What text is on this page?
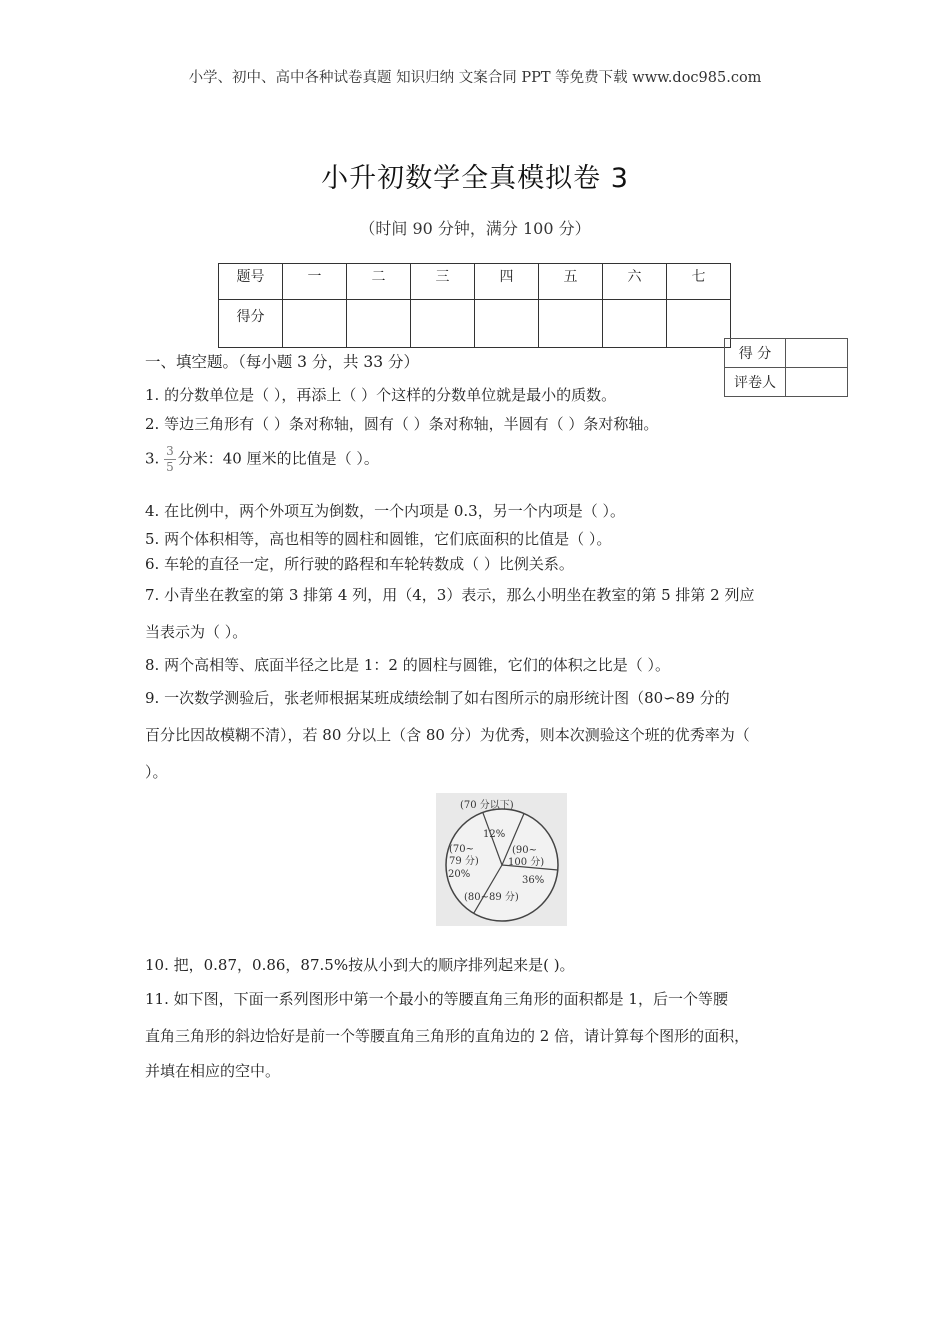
小学、初中、高中各种试卷真题 知识归纳 文案合同 PPT 等免费下载 www.doc985.com
小升初数学全真模拟卷 3
（时间 90 分钟，满分 100 分）
题号	一	二	三	四	五	六	七
得分							
得 分	
评卷人	
一、填空题。（每小题 3 分，共 33 分）
1. 的分数单位是（ ），再添上（ ）个这样的分数单位就是最小的质数。
2. 等边三角形有（ ）条对称轴，圆有（ ）条对称轴，半圆有（ ）条对称轴。
3. $\frac{3}{5}$ 分米：40 厘米的比值是（ ）。
4. 在比例中，两个外项互为倒数，一个内项是 0.3，另一个内项是（ ）。
5. 两个体积相等，高也相等的圆柱和圆锥，它们底面积的比值是（ ）。
6. 车轮的直径一定，所行驶的路程和车轮转数成（ ）比例关系。
7. 小青坐在教室的第 3 排第 4 列，用（4，3）表示，那么小明坐在教室的第 5 排第 2 列应
当表示为（ ）。
8. 两个高相等、底面半径之比是 1：2 的圆柱与圆锥，它们的体积之比是（ ）。
9. 一次数学测验后，张老师根据某班成绩绘制了如右图所示的扇形统计图（80∽89 分的
百分比因故模糊不清），若 80 分以上（含 80 分）为优秀，则本次测验这个班的优秀率为（
）。
(70 分以下)
12%
(70~
79 分)
20%
(90~
100 分)
36%
(80~89 分)
10. 把，0.87，0.86，87.5%按从小到大的顺序排列起来是( )。
11. 如下图，下面一系列图形中第一个最小的等腰直角三角形的面积都是 1，后一个等腰
直角三角形的斜边恰好是前一个等腰直角三角形的直角边的 2 倍，请计算每个图形的面积，
并填在相应的空中。
